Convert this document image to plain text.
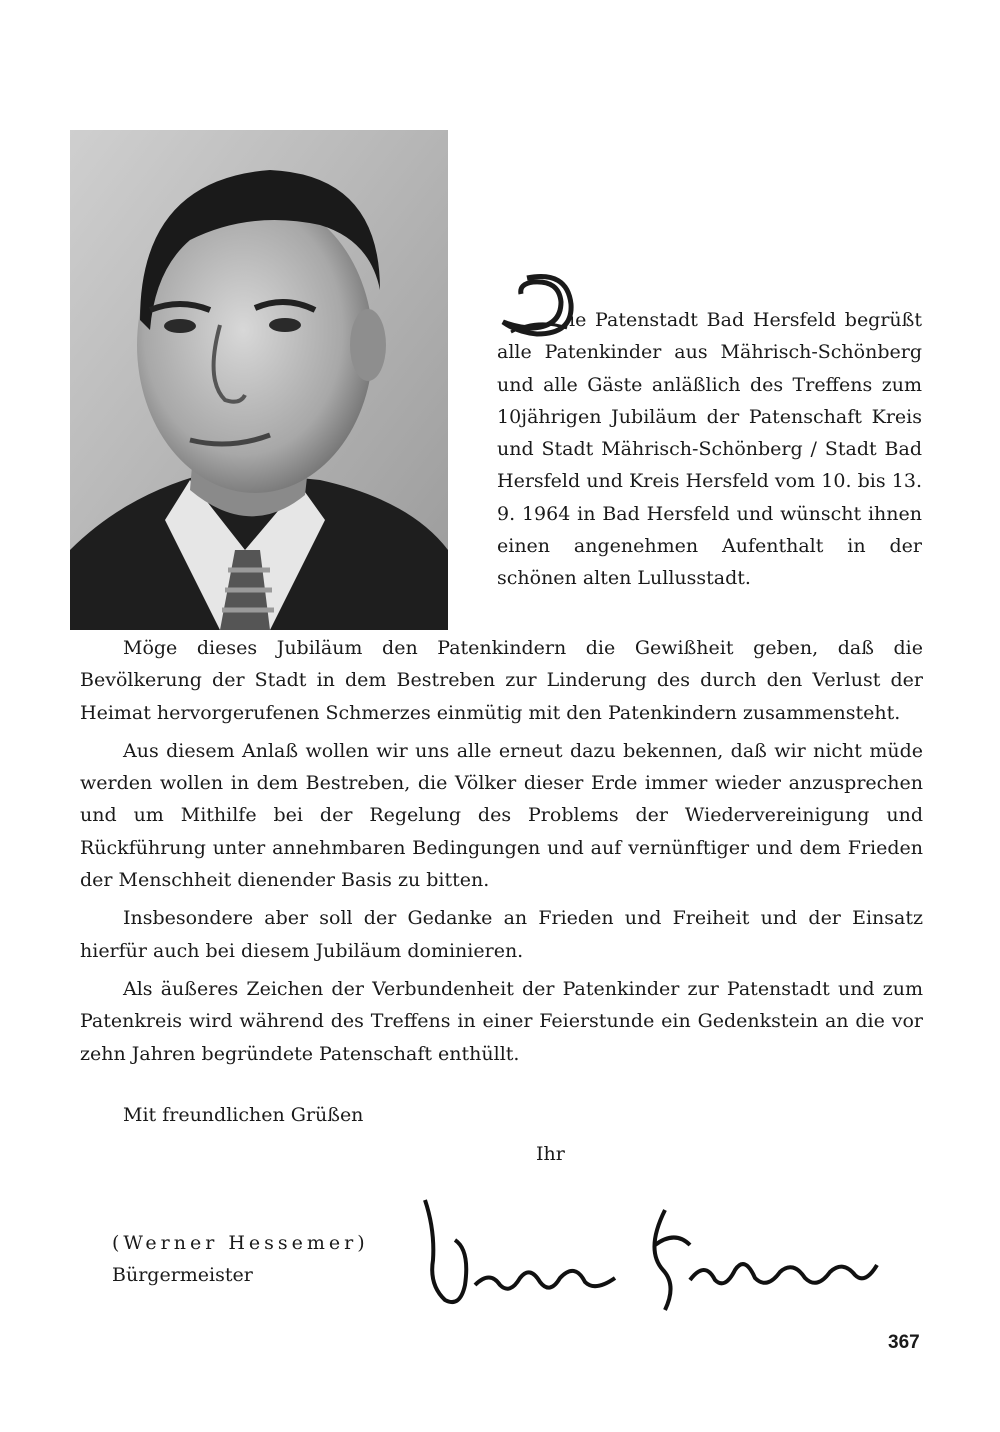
ie Patenstadt Bad Hersfeld begrüßt alle Patenkinder aus Mährisch-Schönberg und alle Gäste anläßlich des Treffens zum 10jährigen Jubiläum der Patenschaft Kreis und Stadt Mährisch-Schönberg / Stadt Bad Hersfeld und Kreis Hersfeld vom 10. bis 13. 9. 1964 in Bad Hersfeld und wünscht ihnen einen angenehmen Aufenthalt in der schönen alten Lullusstadt.

Möge dieses Jubiläum den Patenkindern die Gewißheit geben, daß die Bevölkerung der Stadt in dem Bestreben zur Linderung des durch den Verlust der Heimat hervorgerufenen Schmerzes einmütig mit den Patenkindern zusammensteht.

Aus diesem Anlaß wollen wir uns alle erneut dazu bekennen, daß wir nicht müde werden wollen in dem Bestreben, die Völker dieser Erde immer wieder anzusprechen und um Mithilfe bei der Regelung des Problems der Wiedervereinigung und Rückführung unter annehmbaren Bedingungen und auf vernünftiger und dem Frieden der Menschheit dienender Basis zu bitten.

Insbesondere aber soll der Gedanke an Frieden und Freiheit und der Einsatz hierfür auch bei diesem Jubiläum dominieren.

Als äußeres Zeichen der Verbundenheit der Patenkinder zur Patenstadt und zum Patenkreis wird während des Treffens in einer Feierstunde ein Gedenkstein an die vor zehn Jahren begründete Patenschaft enthüllt.

Mit freundlichen Grüßen
Ihr
(Werner Hessemer)
Bürgermeister
367
